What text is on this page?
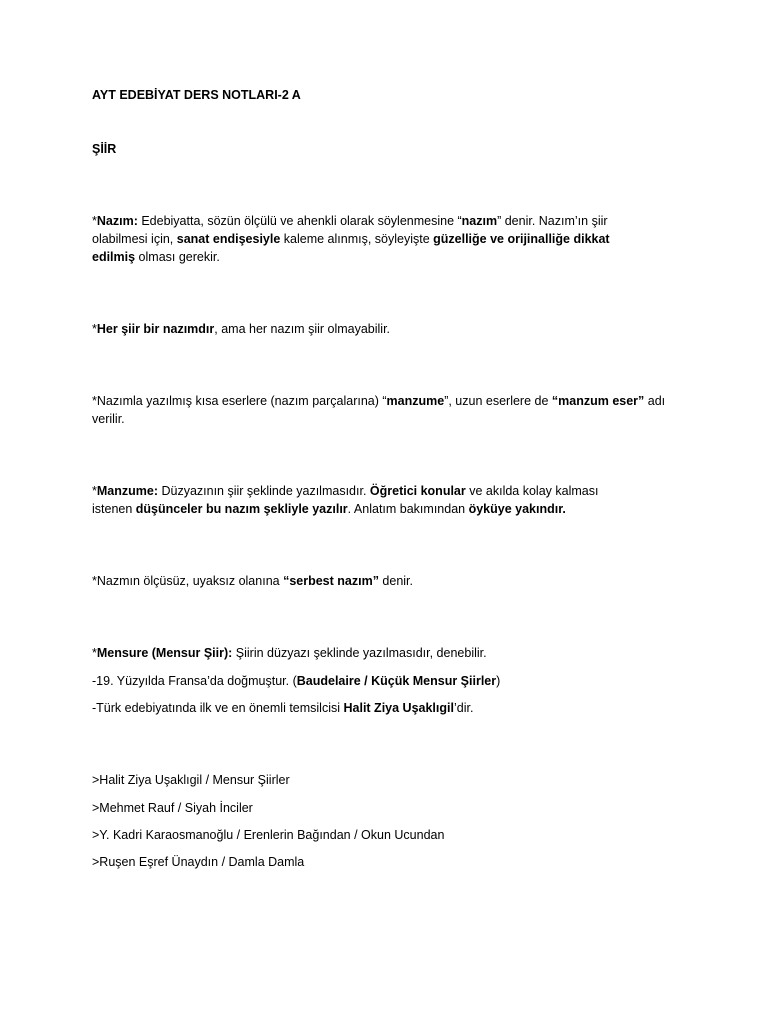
AYT EDEBİYAT DERS NOTLARI-2 A

ŞİİR

*Nazım: Edebiyatta, sözün ölçülü ve ahenkli olarak söylenmesine “nazım” denir. Nazım’ın şiir

olabilmesi için, sanat endişesiyle kaleme alınmış, söyleyişte güzelliğe ve orijinalliğe dikkat

edilmiş olması gerekir.

*Her şiir bir nazımdır, ama her nazım şiir olmayabilir.

*Nazımla yazılmış kısa eserlere (nazım parçalarına) “manzume”, uzun eserlere de “manzum eser” adı

verilir.

*Manzume: Düzyazının şiir şeklinde yazılmasıdır. Öğretici konular ve akılda kolay kalması

istenen düşünceler bu nazım şekliyle yazılır. Anlatım bakımından öyküye yakındır.

*Nazmın ölçüsüz, uyaksız olanına “serbest nazım” denir.

*Mensure (Mensur Şiir): Şiirin düzyazı şeklinde yazılmasıdır, denebilir.

-19. Yüzyılda Fransa’da doğmuştur. (Baudelaire / Küçük Mensur Şiirler)

-Türk edebiyatında ilk ve en önemli temsilcisi Halit Ziya Uşaklıgil’dir.

>Halit Ziya Uşaklıgil / Mensur Şiirler

>Mehmet Rauf / Siyah İnciler

>Y. Kadri Karaosmanoğlu / Erenlerin Bağından / Okun Ucundan

>Ruşen Eşref Ünaydın / Damla Damla
